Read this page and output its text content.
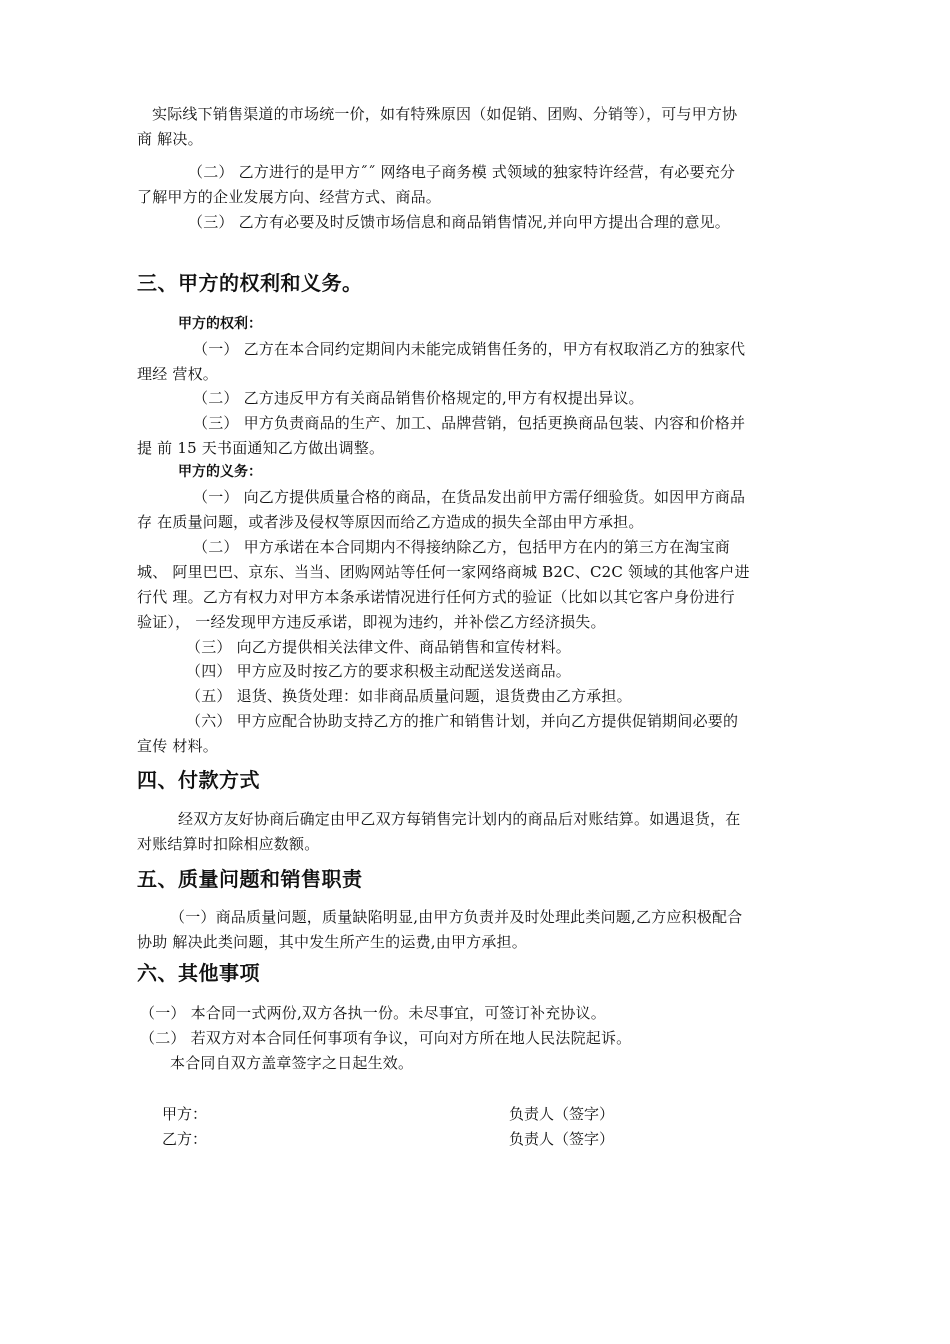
实际线下销售渠道的市场统一价，如有特殊原因（如促销、团购、分销等），可与甲方协
商 解决。
（二） 乙方进行的是甲方˝˝ 网络电子商务模 式领域的独家特许经营，有必要充分
了解甲方的企业发展方向、经营方式、商品。
（三） 乙方有必要及时反馈市场信息和商品销售情况,并向甲方提出合理的意见。
三、甲方的权利和义务。
甲方的权利：
（一） 乙方在本合同约定期间内未能完成销售任务的，甲方有权取消乙方的独家代
理经 营权。
（二） 乙方违反甲方有关商品销售价格规定的,甲方有权提出异议。
（三） 甲方负责商品的生产、加工、品牌营销，包括更换商品包装、内容和价格并
提 前 15 天书面通知乙方做出调整。
甲方的义务：
（一） 向乙方提供质量合格的商品，在货品发出前甲方需仔细验货。如因甲方商品
存 在质量问题，或者涉及侵权等原因而给乙方造成的损失全部由甲方承担。
（二） 甲方承诺在本合同期内不得接纳除乙方，包括甲方在内的第三方在淘宝商
城、 阿里巴巴、京东、当当、团购网站等任何一家网络商城 B2C、C2C 领域的其他客户进
行代 理。乙方有权力对甲方本条承诺情况进行任何方式的验证（比如以其它客户身份进行
验证）， 一经发现甲方违反承诺，即视为违约，并补偿乙方经济损失。
（三） 向乙方提供相关法律文件、商品销售和宣传材料。
（四） 甲方应及时按乙方的要求积极主动配送发送商品。
（五） 退货、换货处理：如非商品质量问题，退货费由乙方承担。
（六） 甲方应配合协助支持乙方的推广和销售计划，并向乙方提供促销期间必要的
宣传 材料。
四、付款方式
经双方友好协商后确定由甲乙双方每销售完计划内的商品后对账结算。如遇退货，在
对账结算时扣除相应数额。
五、质量问题和销售职责
（一）商品质量问题，质量缺陷明显,由甲方负责并及时处理此类问题,乙方应积极配合
协助 解决此类问题，其中发生所产生的运费,由甲方承担。
六、其他事项
（一） 本合同一式两份,双方各执一份。未尽事宜，可签订补充协议。
（二） 若双方对本合同任何事项有争议，可向对方所在地人民法院起诉。
本合同自双方盖章签字之日起生效。
甲方：	负责人（签字）
乙方：	负责人（签字）
